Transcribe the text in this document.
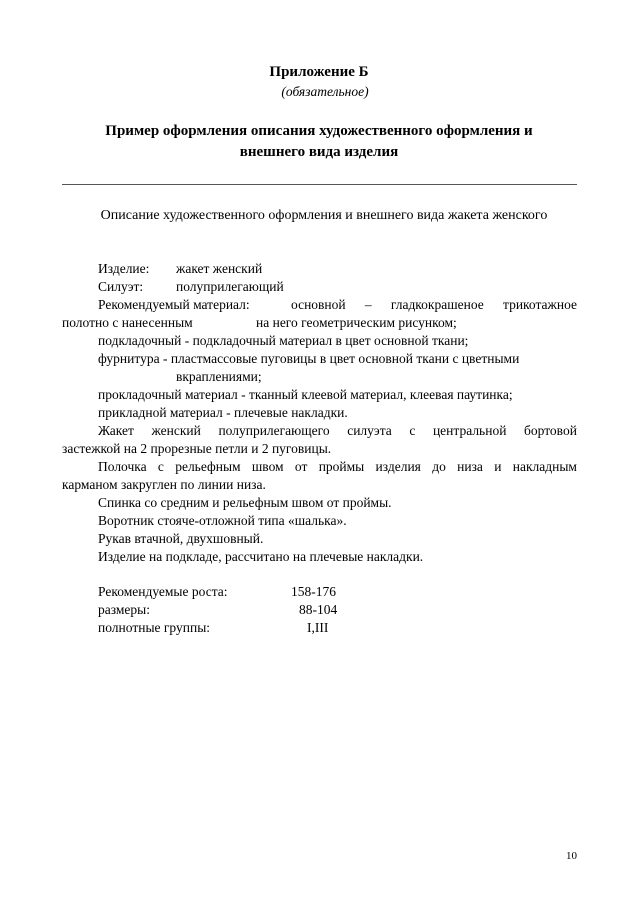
Приложение Б
(обязательное)
Пример оформления описания художественного оформления и
внешнего вида изделия
Описание художественного оформления и внешнего вида жакета женского
Изделие: жакет женский
Силуэт: полуприлегающий
Рекомендуемый материал:	основной – гладкокрашеное трикотажное
полотно с нанесенным	на него геометрическим рисунком;
подкладочный - подкладочный материал в цвет основной ткани;
фурнитура - пластмассовые пуговицы в цвет основной ткани с цветными
вкраплениями;
прокладочный материал - тканный клеевой материал, клеевая паутинка;
прикладной материал - плечевые накладки.
Жакет женский полуприлегающего силуэта с центральной бортовой
застежкой на 2 прорезные петли и 2 пуговицы.
Полочка с рельефным швом от проймы изделия до низа и накладным
карманом закруглен по линии низа.
Спинка со средним и рельефным швом от проймы.
Воротник стояче-отложной типа «шалька».
Рукав втачной, двухшовный.
Изделие на подкладе, рассчитано на плечевые накладки.
Рекомендуемые роста:	158-176
размеры:	88-104
полнотные группы:	I,III
10
